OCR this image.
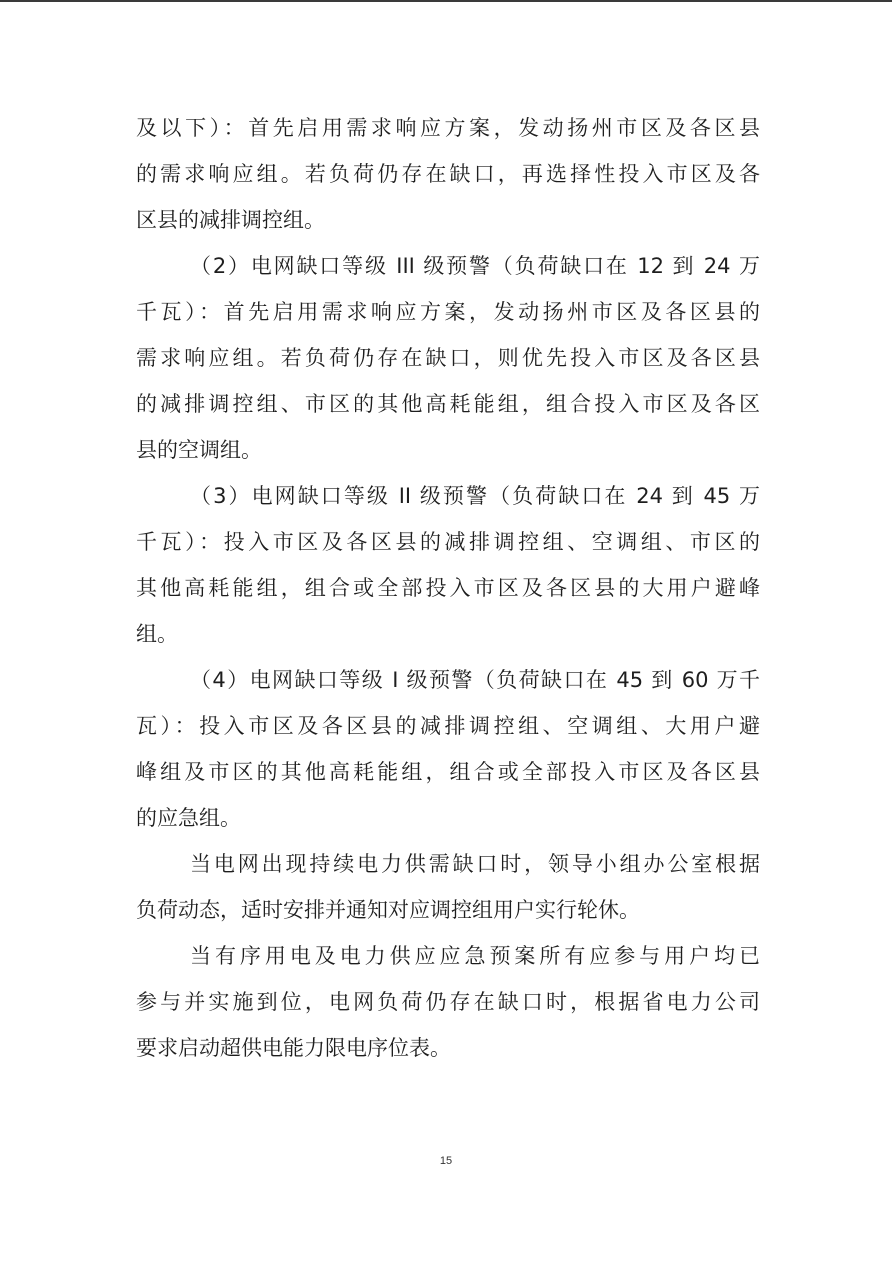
及以下）：首先启用需求响应方案，发动扬州市区及各区县
的需求响应组。若负荷仍存在缺口，再选择性投入市区及各
区县的减排调控组。
（2）电网缺口等级 III 级预警（负荷缺口在 12 到 24 万
千瓦）：首先启用需求响应方案，发动扬州市区及各区县的
需求响应组。若负荷仍存在缺口，则优先投入市区及各区县
的减排调控组、市区的其他高耗能组，组合投入市区及各区
县的空调组。
（3）电网缺口等级 II 级预警（负荷缺口在 24 到 45 万
千瓦）：投入市区及各区县的减排调控组、空调组、市区的
其他高耗能组，组合或全部投入市区及各区县的大用户避峰
组。
（4）电网缺口等级 I 级预警（负荷缺口在 45 到 60 万千
瓦）：投入市区及各区县的减排调控组、空调组、大用户避
峰组及市区的其他高耗能组，组合或全部投入市区及各区县
的应急组。
当电网出现持续电力供需缺口时，领导小组办公室根据
负荷动态，适时安排并通知对应调控组用户实行轮休。
当有序用电及电力供应应急预案所有应参与用户均已
参与并实施到位，电网负荷仍存在缺口时，根据省电力公司
要求启动超供电能力限电序位表。
15
